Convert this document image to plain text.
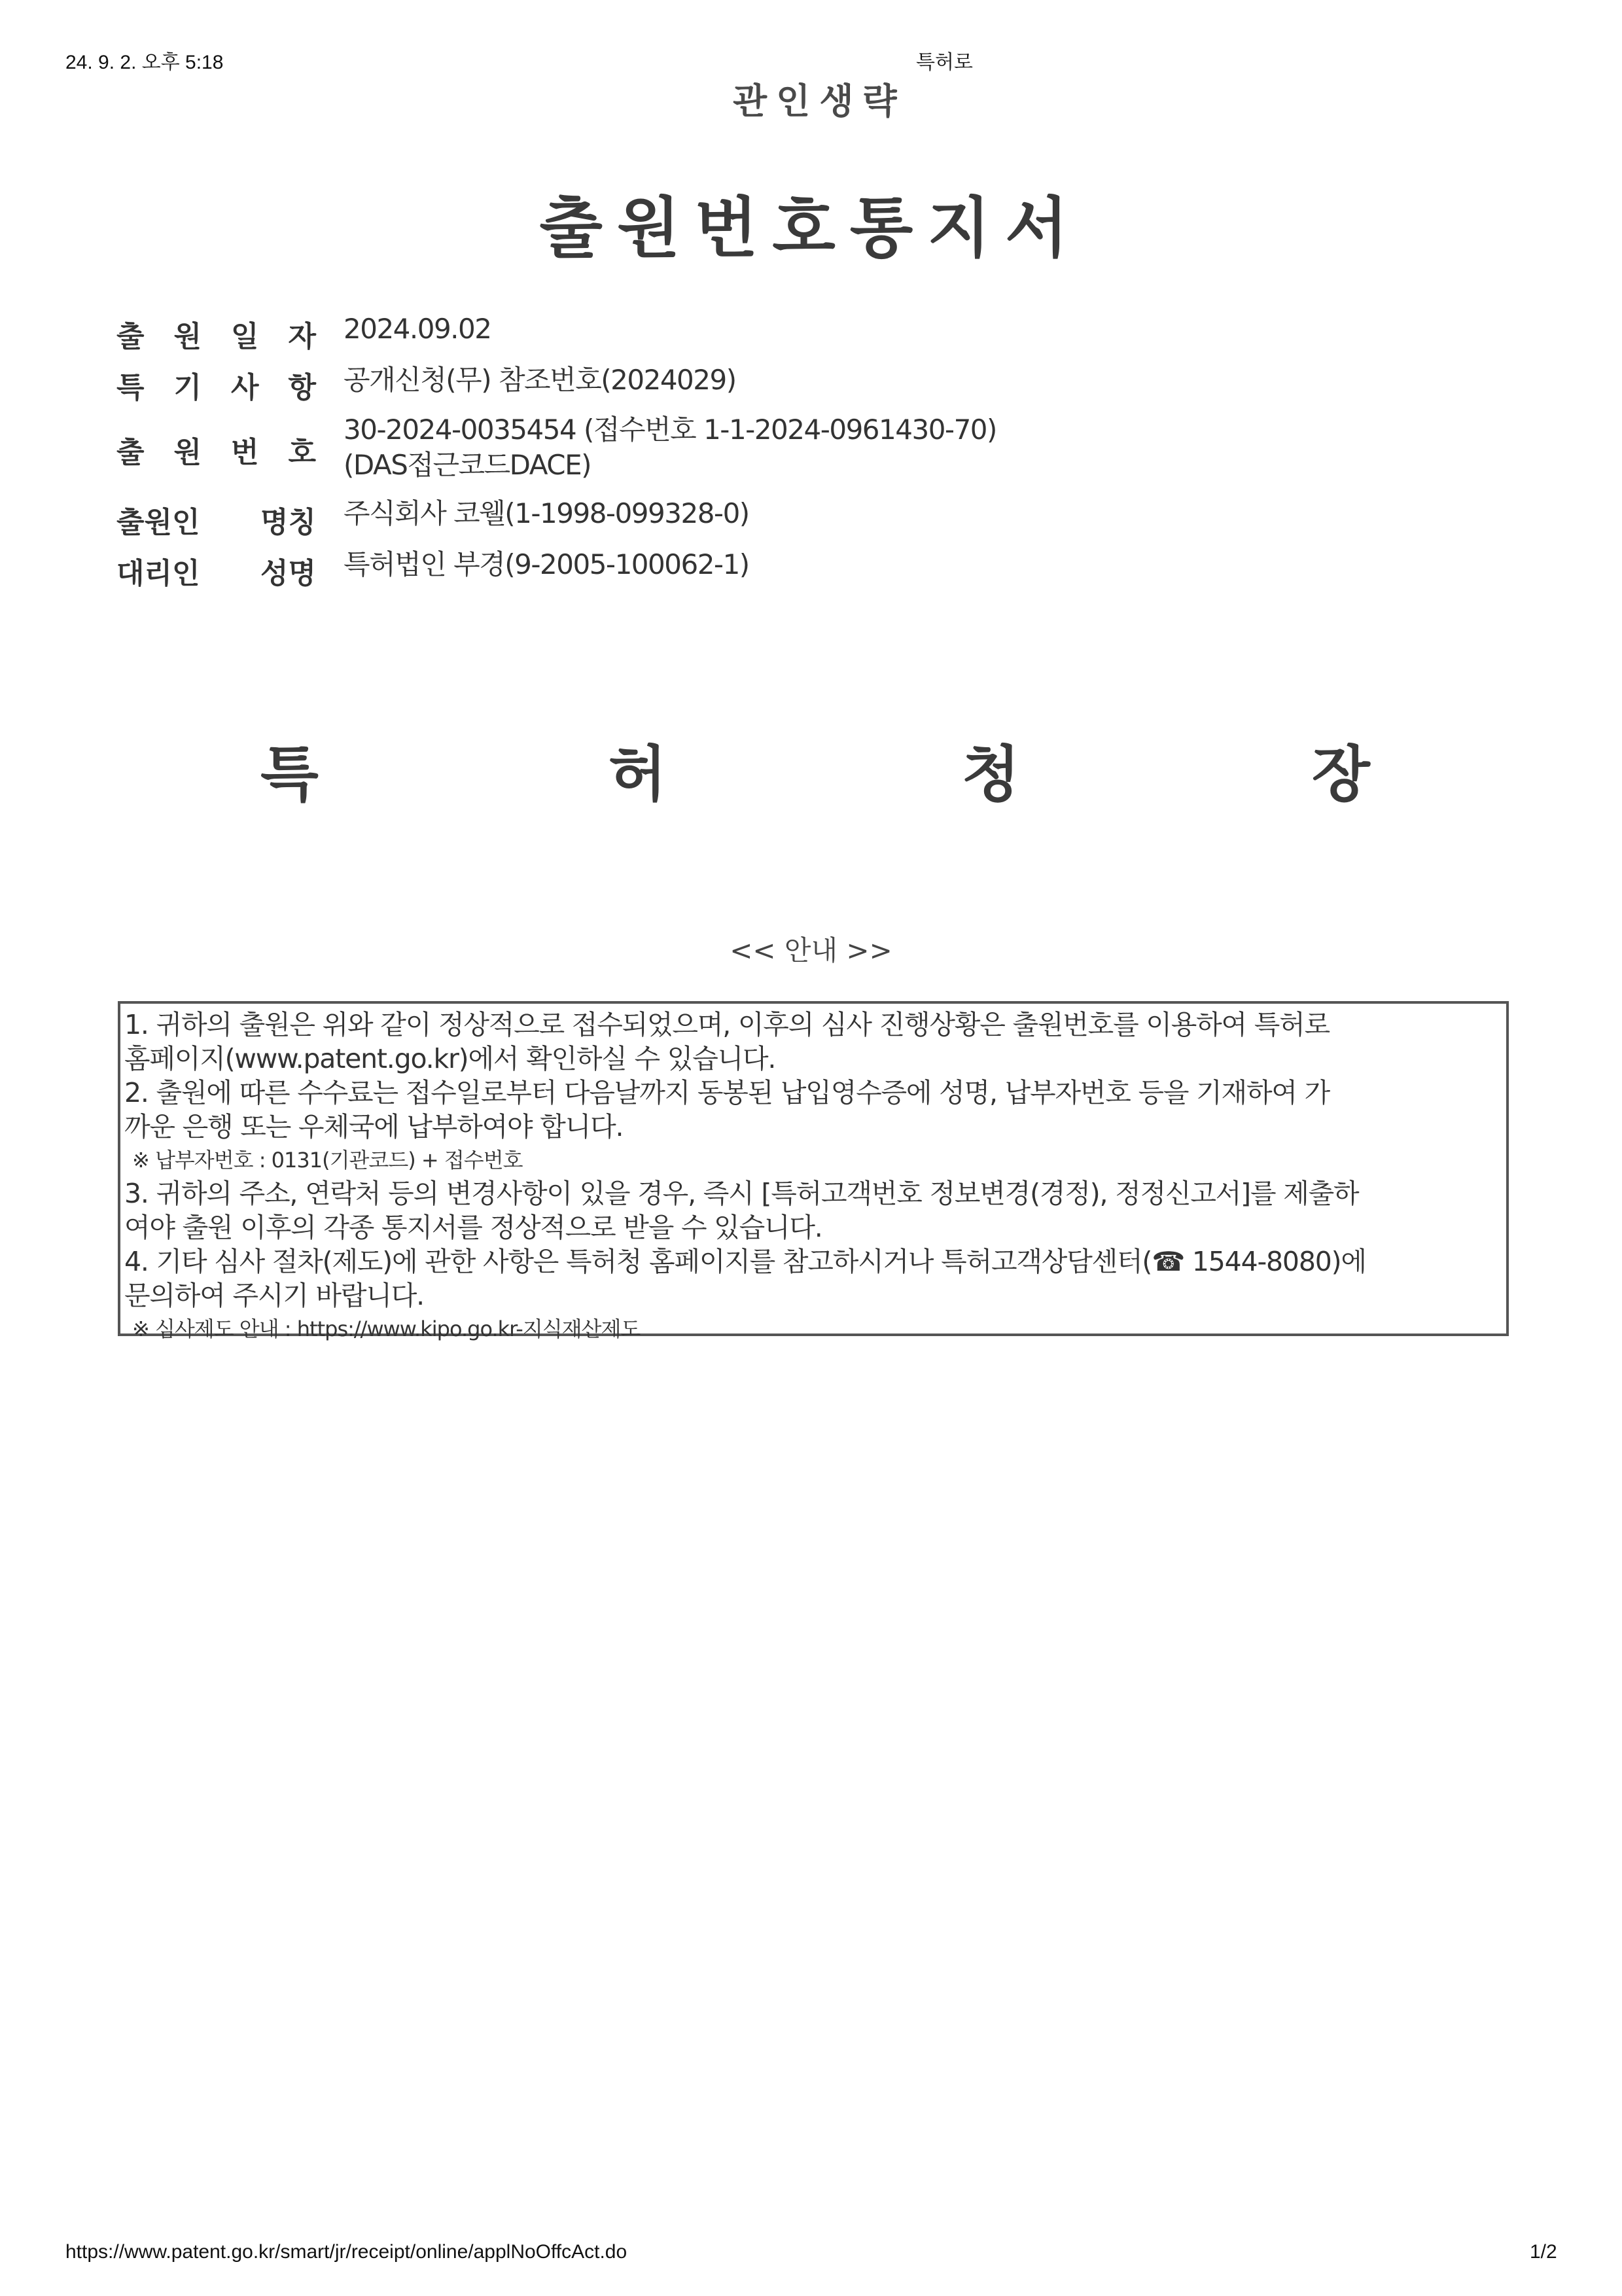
24. 9. 2. 오후 5:18	특허로
관인생략
출원번호통지서
출 원 일 자 2024.09.02
특 기 사 항 공개신청(무) 참조번호(2024029)
출 원 번 호
30-2024-0035454 (접수번호 1-1-2024-0961430-70)
(DAS접근코드DACE)
출원인 명칭 주식회사 코웰(1-1998-099328-0)
대리인 성명 특허법인 부경(9-2005-100062-1)
특	허	청	장
<< 안내 >>
1. 귀하의 출원은 위와 같이 정상적으로 접수되었으며, 이후의 심사 진행상황은 출원번호를 이용하여 특허로
홈페이지(www.patent.go.kr)에서 확인하실 수 있습니다.
2. 출원에 따른 수수료는 접수일로부터 다음날까지 동봉된 납입영수증에 성명, 납부자번호 등을 기재하여 가
까운 은행 또는 우체국에 납부하여야 합니다.
※ 납부자번호 : 0131(기관코드) + 접수번호
3. 귀하의 주소, 연락처 등의 변경사항이 있을 경우, 즉시 [특허고객번호 정보변경(경정), 정정신고서]를 제출하
여야 출원 이후의 각종 통지서를 정상적으로 받을 수 있습니다.
4. 기타 심사 절차(제도)에 관한 사항은 특허청 홈페이지를 참고하시거나 특허고객상담센터(☎ 1544-8080)에
문의하여 주시기 바랍니다.
※ 심사제도 안내 : https://www.kipo.go.kr-지식재산제도
https://www.patent.go.kr/smart/jr/receipt/online/applNoOffcAct.do	1/2
